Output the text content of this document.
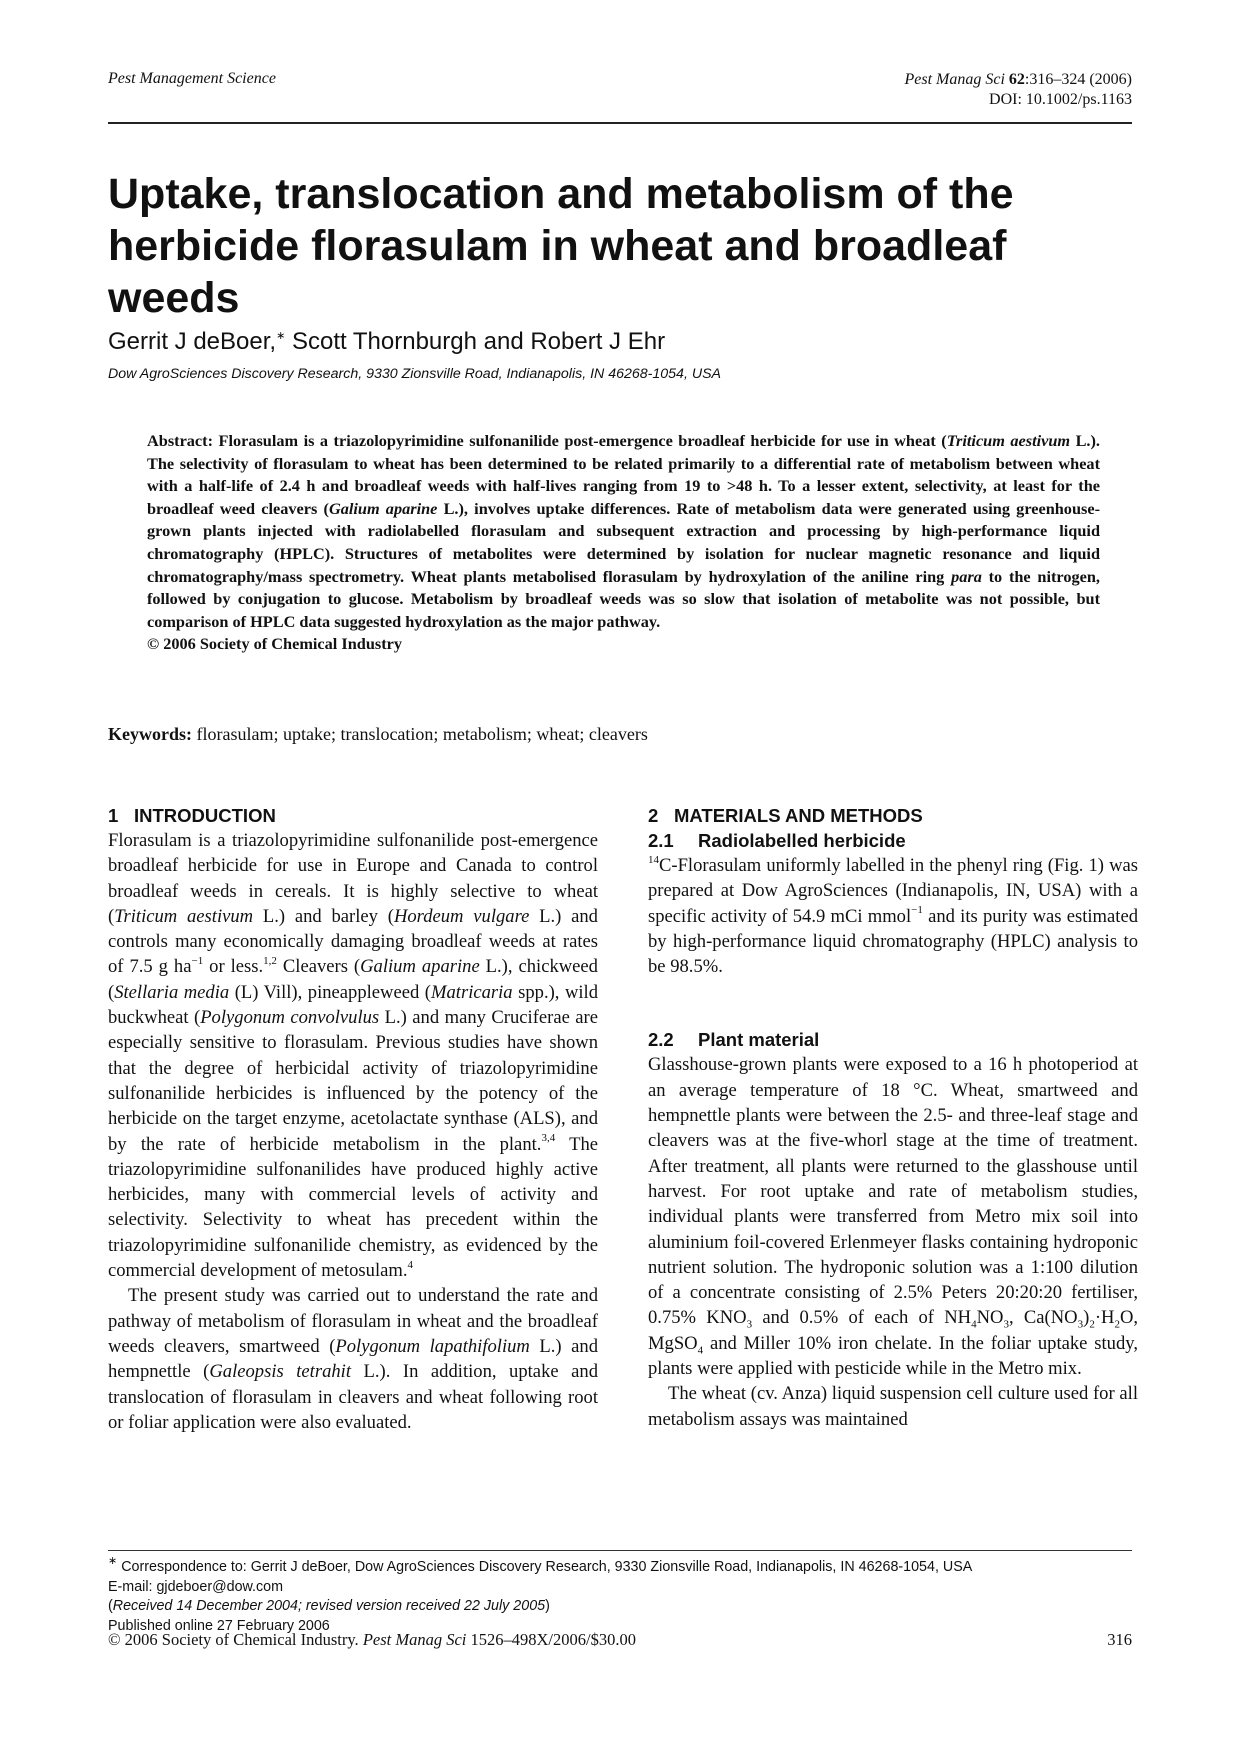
Pest Management Science	Pest Manag Sci 62:316–324 (2006)
DOI: 10.1002/ps.1163
Uptake, translocation and metabolism of the herbicide florasulam in wheat and broadleaf weeds
Gerrit J deBoer,∗ Scott Thornburgh and Robert J Ehr
Dow AgroSciences Discovery Research, 9330 Zionsville Road, Indianapolis, IN 46268-1054, USA
Abstract: Florasulam is a triazolopyrimidine sulfonanilide post-emergence broadleaf herbicide for use in wheat (Triticum aestivum L.). The selectivity of florasulam to wheat has been determined to be related primarily to a differential rate of metabolism between wheat with a half-life of 2.4 h and broadleaf weeds with half-lives ranging from 19 to >48 h. To a lesser extent, selectivity, at least for the broadleaf weed cleavers (Galium aparine L.), involves uptake differences. Rate of metabolism data were generated using greenhouse-grown plants injected with radiolabelled florasulam and subsequent extraction and processing by high-performance liquid chromatography (HPLC). Structures of metabolites were determined by isolation for nuclear magnetic resonance and liquid chromatography/mass spectrometry. Wheat plants metabolised florasulam by hydroxylation of the aniline ring para to the nitrogen, followed by conjugation to glucose. Metabolism by broadleaf weeds was so slow that isolation of metabolite was not possible, but comparison of HPLC data suggested hydroxylation as the major pathway.
© 2006 Society of Chemical Industry
Keywords: florasulam; uptake; translocation; metabolism; wheat; cleavers
1 INTRODUCTION

Florasulam is a triazolopyrimidine sulfonanilide post-emergence broadleaf herbicide for use in Europe and Canada to control broadleaf weeds in cereals. It is highly selective to wheat (Triticum aestivum L.) and barley (Hordeum vulgare L.) and controls many economically damaging broadleaf weeds at rates of 7.5 g $ha^{-1}$ or less.$^{1,2}$ Cleavers (Galium aparine L.), chickweed (Stellaria media (L) Vill), pineappleweed (Matricaria spp.), wild buckwheat (Polygonum convolvulus L.) and many Cruciferae are especially sensitive to florasulam. Previous studies have shown that the degree of herbicidal activity of triazolopyrimidine sulfonanilide herbicides is influenced by the potency of the herbicide on the target enzyme, acetolactate synthase (ALS), and by the rate of herbicide metabolism in the plant.$^{3,4}$ The triazolopyrimidine sulfonanilides have produced highly active herbicides, many with commercial levels of activity and selectivity. Selectivity to wheat has precedent within the triazolopyrimidine sulfonanilide chemistry, as evidenced by the commercial development of metosulam.$^4$

The present study was carried out to understand the rate and pathway of metabolism of florasulam in wheat and the broadleaf weeds cleavers, smartweed (Polygonum lapathifolium L.) and hempnettle (Galeopsis tetrahit L.). In addition, uptake and translocation of florasulam in cleavers and wheat following root or foliar application were also evaluated.

2 MATERIALS AND METHODS
2.1 Radiolabelled herbicide

$^{14}$C-Florasulam uniformly labelled in the phenyl ring (Fig. 1) was prepared at Dow AgroSciences (Indianapolis, IN, USA) with a specific activity of 54.9 mCi mmol$^{-1}$ and its purity was estimated by high-performance liquid chromatography (HPLC) analysis to be 98.5%.

2.2 Plant material

Glasshouse-grown plants were exposed to a 16 h photoperiod at an average temperature of 18 °C. Wheat, smartweed and hempnettle plants were between the 2.5- and three-leaf stage and cleavers was at the five-whorl stage at the time of treatment. After treatment, all plants were returned to the glasshouse until harvest. For root uptake and rate of metabolism studies, individual plants were transferred from Metro mix soil into aluminium foil-covered Erlenmeyer flasks containing hydroponic nutrient solution. The hydroponic solution was a 1:100 dilution of a concentrate consisting of 2.5% Peters 20:20:20 fertiliser, 0.75% $KNO_3$ and 0.5% of each of $NH_4NO_3$, $Ca(NO_3)_2\cdot H_2O$, MgSO$_4$ and Miller 10% iron chelate. In the foliar uptake study, plants were applied with pesticide while in the Metro mix.

The wheat (cv. Anza) liquid suspension cell culture used for all metabolism assays was maintained

∗ Correspondence to: Gerrit J deBoer, Dow AgroSciences Discovery Research, 9330 Zionsville Road, Indianapolis, IN 46268-1054, USA
E-mail: gjdeboer@dow.com
(Received 14 December 2004; revised version received 22 July 2005)
Published online 27 February 2006
© 2006 Society of Chemical Industry. Pest Manag Sci 1526–498X/2006/$30.00	316
